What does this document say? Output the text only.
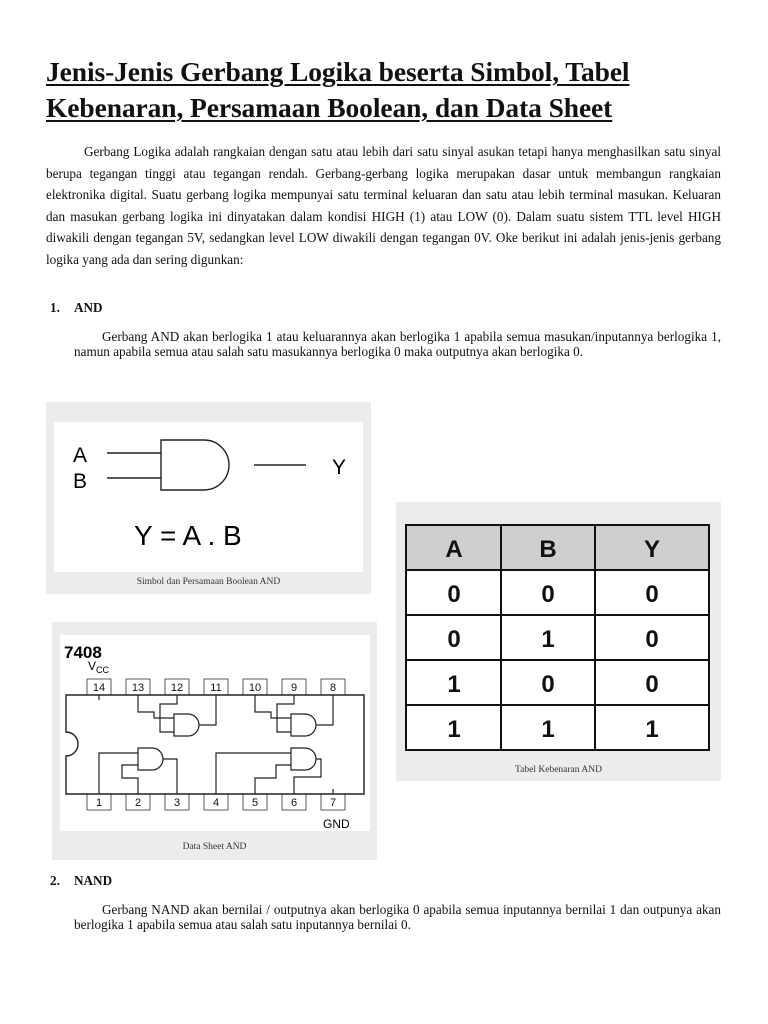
Jenis-Jenis Gerbang Logika beserta Simbol, Tabel Kebenaran, Persamaan Boolean, dan Data Sheet

Gerbang Logika adalah rangkaian dengan satu atau lebih dari satu sinyal asukan tetapi hanya menghasilkan satu sinyal berupa tegangan tinggi atau tegangan rendah. Gerbang-gerbang logika merupakan dasar untuk membangun rangkaian elektronika digital. Suatu gerbang logika mempunyai satu terminal keluaran dan satu atau lebih terminal masukan. Keluaran dan masukan gerbang logika ini dinyatakan dalam kondisi HIGH (1) atau LOW (0). Dalam suatu sistem TTL level HIGH diwakili dengan tegangan 5V, sedangkan level LOW diwakili dengan tegangan 0V. Oke berikut ini adalah jenis-jenis gerbang logika yang ada dan sering digunkan:

1. AND

Gerbang AND akan berlogika 1 atau keluarannya akan berlogika 1 apabila semua masukan/inputannya berlogika 1, namun apabila semua atau salah satu masukannya berlogika 0 maka outputnya akan berlogika 0.

A
B
Y
Y = A . B
Simbol dan Persamaan Boolean AND
A	B	Y
0	0	0
0	1	0
1	0	0
1	1	1
Tabel Kebenaran AND
7408
$V_{CC}$
14 13 12 11 10	9	8
1	2	3	4	5	6	7
GND
Data Sheet AND
2. NAND

Gerbang NAND akan bernilai / outputnya akan berlogika 0 apabila semua inputannya bernilai 1 dan outpunya akan berlogika 1 apabila semua atau salah satu inputannya bernilai 0.
